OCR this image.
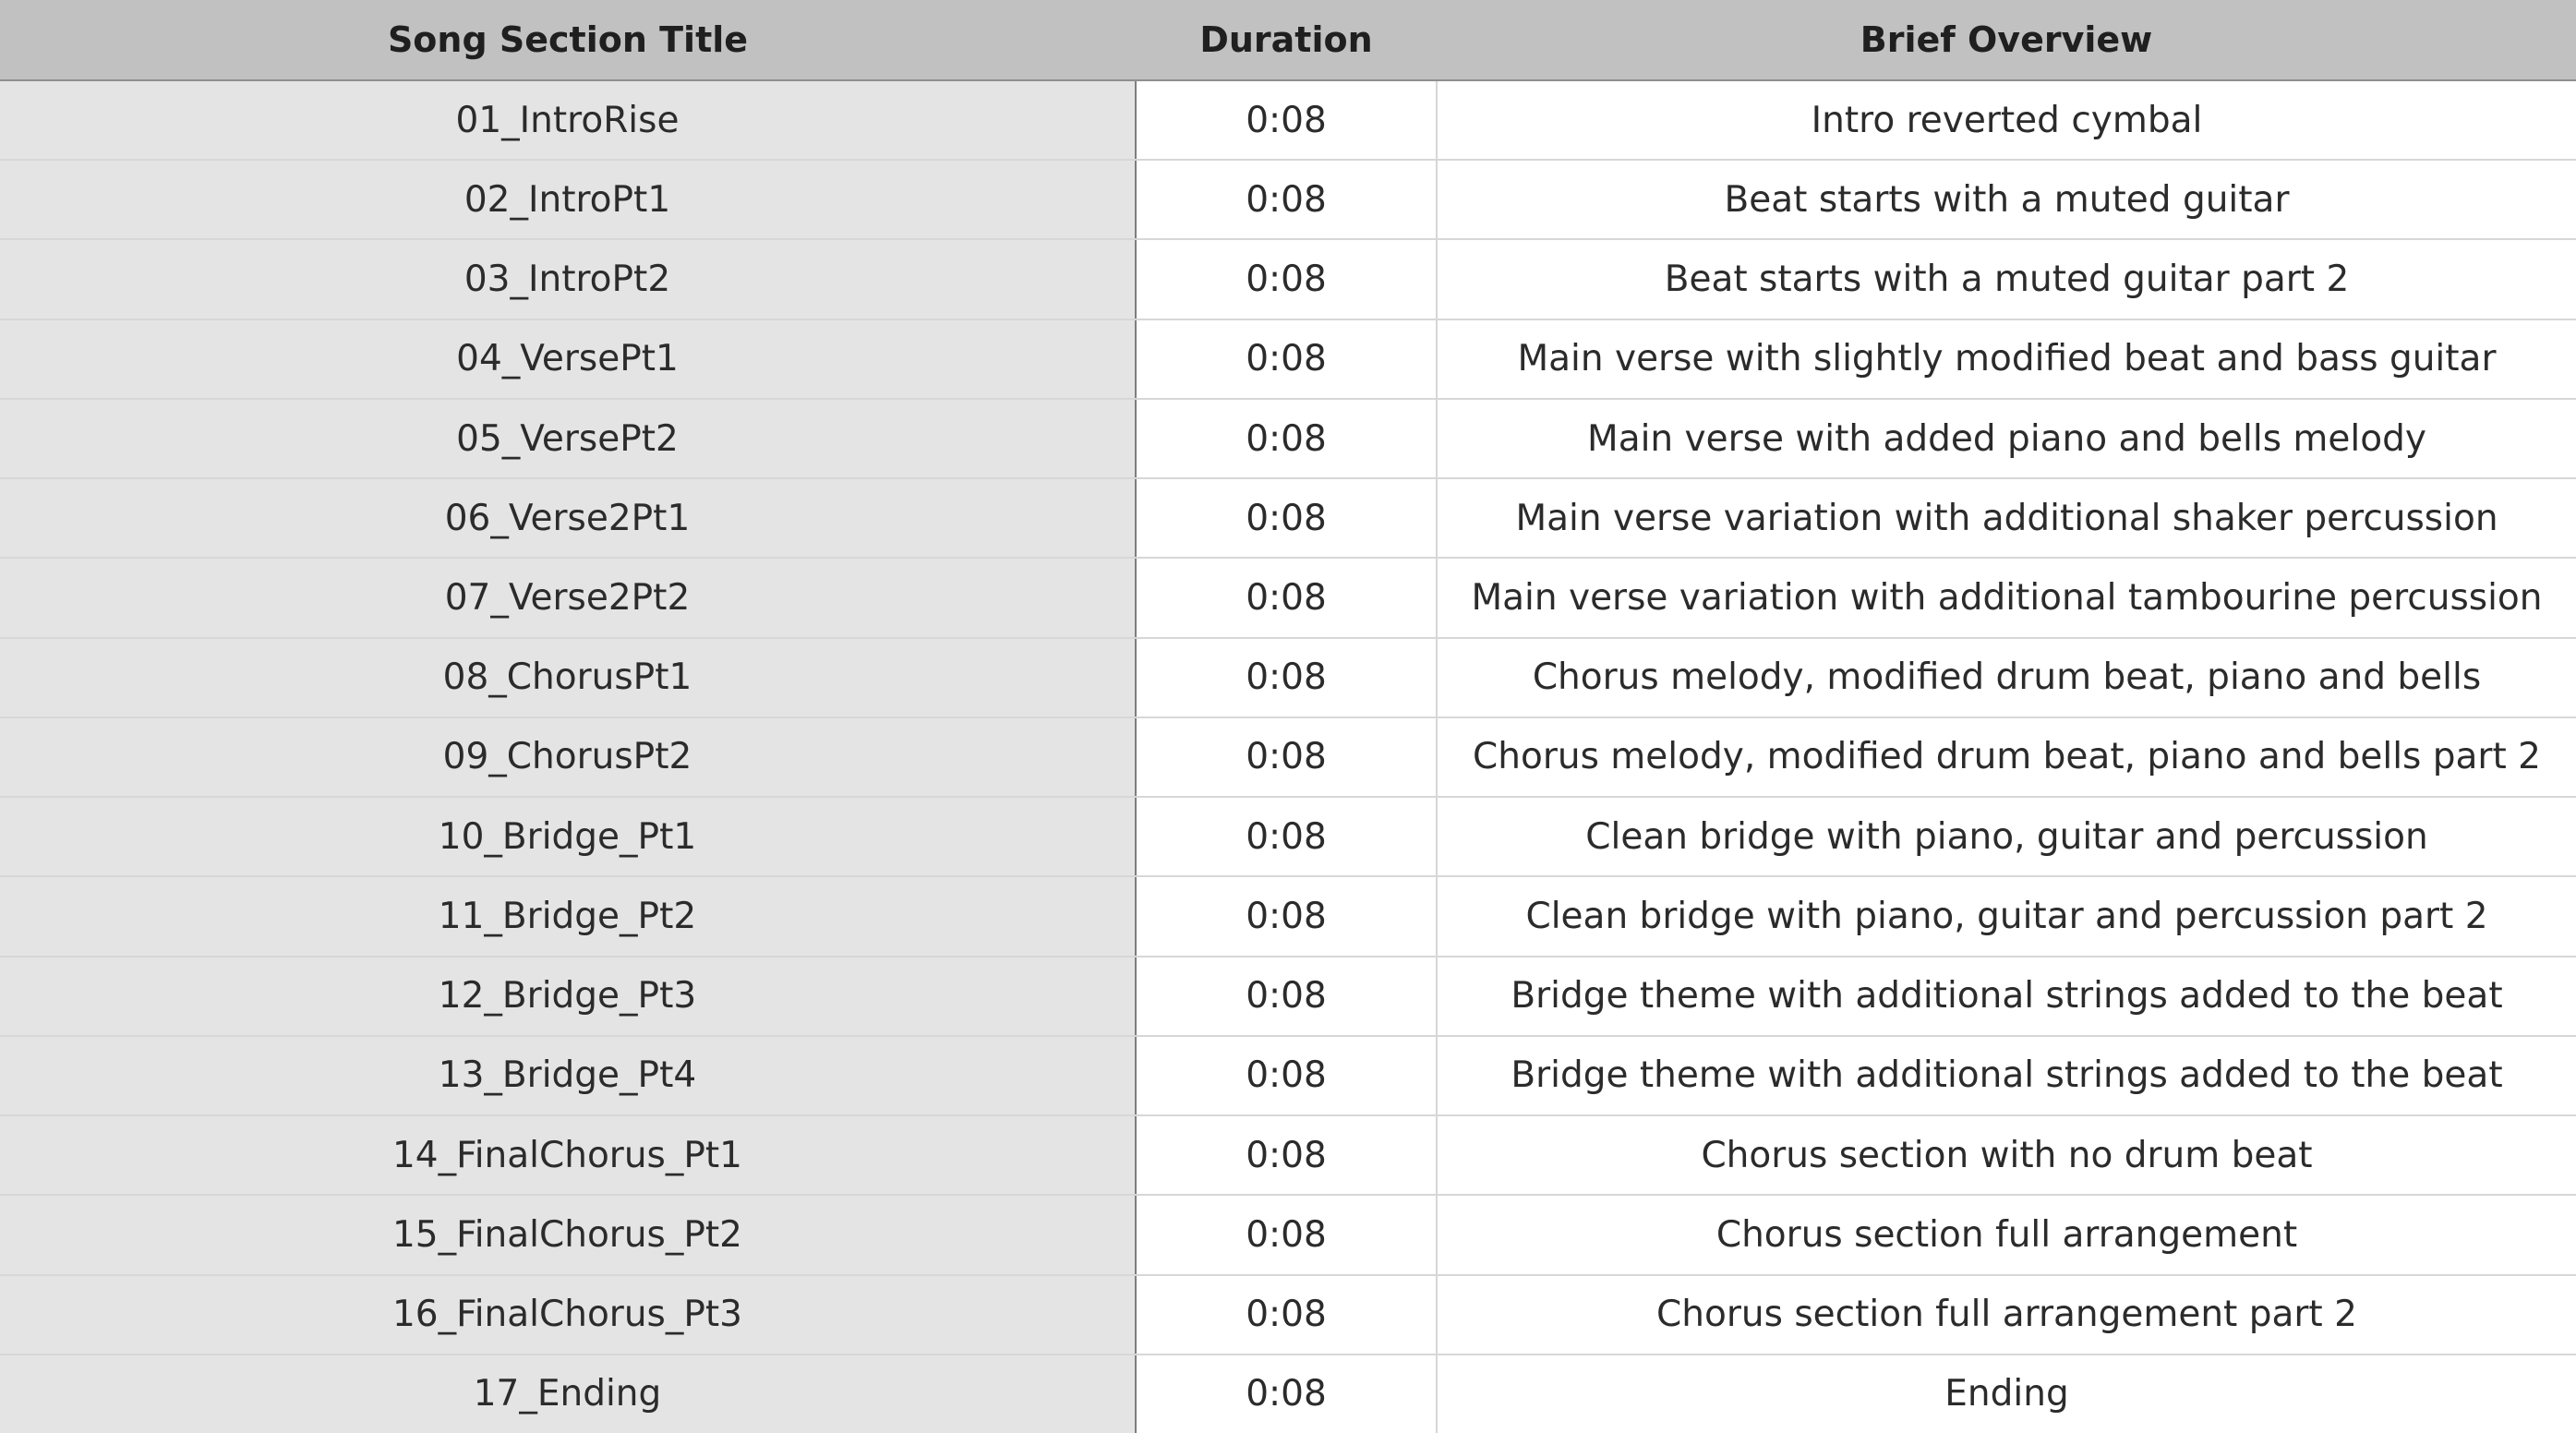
Song Section Title	Duration	Brief Overview
01_IntroRise	0:08	Intro reverted cymbal
02_IntroPt1	0:08	Beat starts with a muted guitar
03_IntroPt2	0:08	Beat starts with a muted guitar part 2
04_VersePt1	0:08	Main verse with slightly modified beat and bass guitar
05_VersePt2	0:08	Main verse with added piano and bells melody
06_Verse2Pt1	0:08	Main verse variation with additional shaker percussion
07_Verse2Pt2	0:08	Main verse variation with additional tambourine percussion
08_ChorusPt1	0:08	Chorus melody, modified drum beat, piano and bells
09_ChorusPt2	0:08	Chorus melody, modified drum beat, piano and bells part 2
10_Bridge_Pt1	0:08	Clean bridge with piano, guitar and percussion
11_Bridge_Pt2	0:08	Clean bridge with piano, guitar and percussion part 2
12_Bridge_Pt3	0:08	Bridge theme with additional strings added to the beat
13_Bridge_Pt4	0:08	Bridge theme with additional strings added to the beat
14_FinalChorus_Pt1	0:08	Chorus section with no drum beat
15_FinalChorus_Pt2	0:08	Chorus section full arrangement
16_FinalChorus_Pt3	0:08	Chorus section full arrangement part 2
17_Ending	0:08	Ending
